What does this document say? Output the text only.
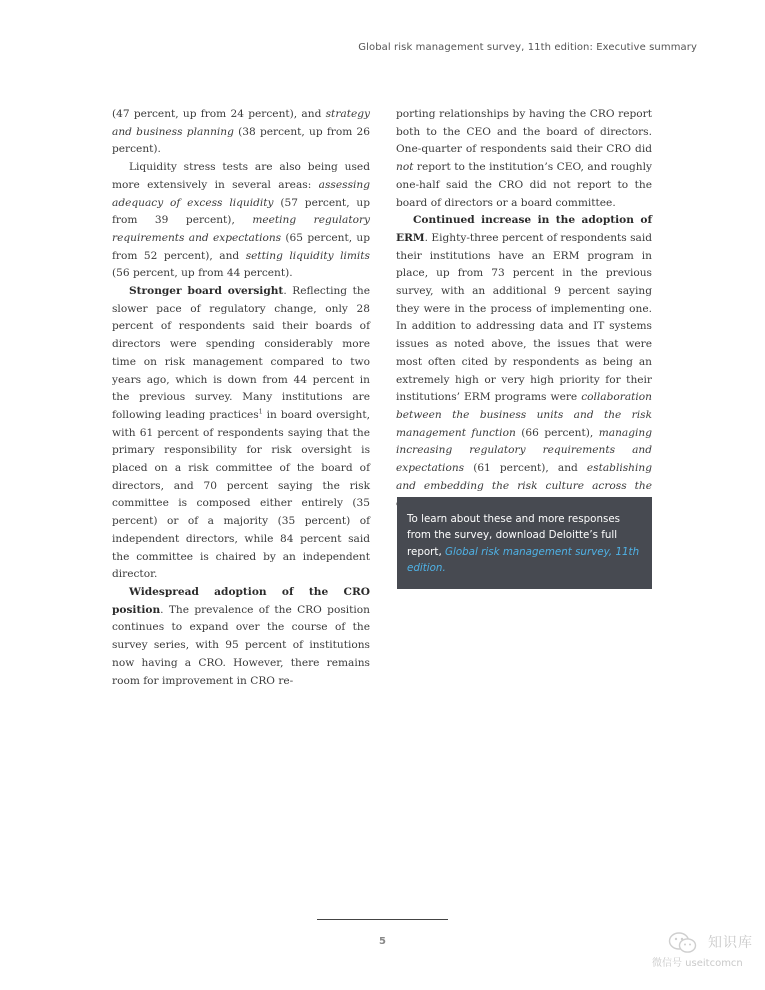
Global risk management survey, 11th edition: Executive summary

(47 percent, up from 24 percent), and strategy and business planning (38 percent, up from 26 percent).

Liquidity stress tests are also being used more extensively in several areas: assessing adequacy of excess liquidity (57 percent, up from 39 percent), meeting regulatory requirements and expectations (65 percent, up from 52 percent), and setting liquidity limits (56 percent, up from 44 percent).

Stronger board oversight. Reflecting the slower pace of regulatory change, only 28 percent of respondents said their boards of directors were spending considerably more time on risk management compared to two years ago, which is down from 44 percent in the previous survey. Many institutions are following leading practices$^1$ in board oversight, with 61 percent of respondents saying that the primary responsibility for risk oversight is placed on a risk committee of the board of directors, and 70 percent saying the risk committee is composed either entirely (35 percent) or of a majority (35 percent) of independent directors, while 84 percent said the committee is chaired by an independent director.

Widespread adoption of the CRO position. The prevalence of the CRO position continues to expand over the course of the survey series, with 95 percent of institutions now having a CRO. However, there remains room for improvement in CRO re-

porting relationships by having the CRO report both to the CEO and the board of directors. One-quarter of respondents said their CRO did not report to the institution’s CEO, and roughly one-half said the CRO did not report to the board of directors or a board committee.

Continued increase in the adoption of ERM. Eighty-three percent of respondents said their institutions have an ERM program in place, up from 73 percent in the previous survey, with an additional 9 percent saying they were in the process of implementing one. In addition to addressing data and IT systems issues as noted above, the issues that were most often cited by respondents as being an extremely high or very high priority for their institutions’ ERM programs were collaboration between the business units and the risk management function (66 percent), managing increasing regulatory requirements and expectations (61 percent), and establishing and embedding the risk culture across the

To learn about these and more responses from the survey, download Deloitte’s full report, Global risk management survey, 11th edition.
5	知识库
微信号 useitcomcn
